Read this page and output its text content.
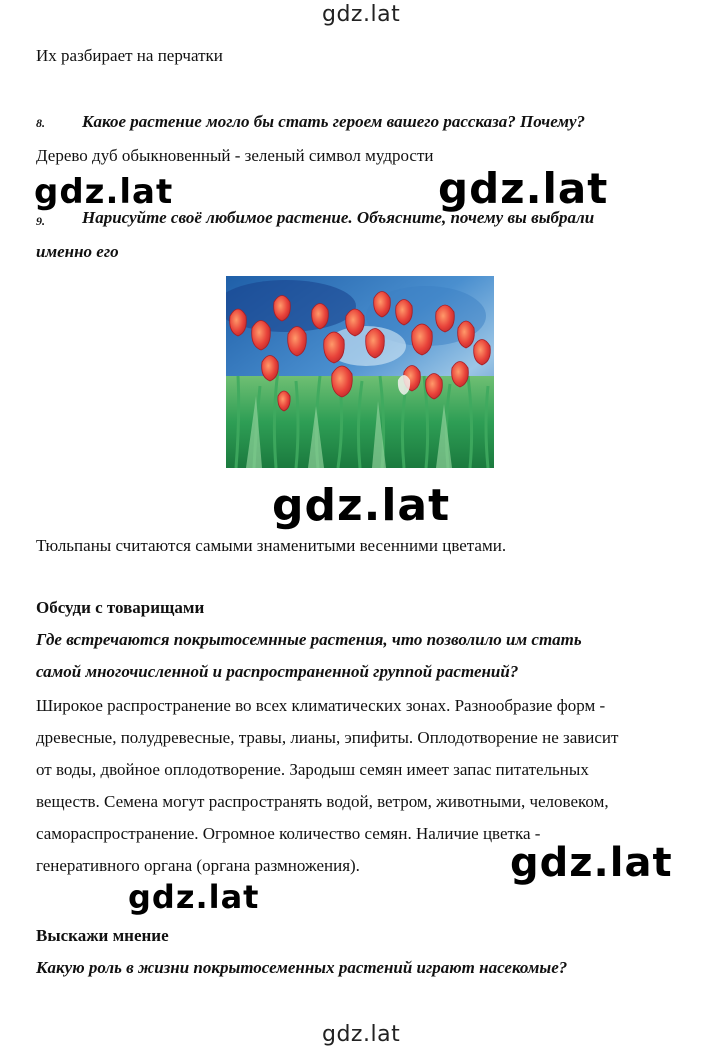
gdz.lat
Их разбирает на перчатки
8. Какое растение могло бы стать героем вашего рассказа? Почему?
Дерево дуб обыкновенный - зеленый символ мудрости
gdz.lat	gdz.lat
9. Нарисуйте своё любимое растение. Объясните, почему вы выбрали
именно его
gdz.lat
Тюльпаны считаются самыми знаменитыми весенними цветами.
Обсуди с товарищами
Где встречаются покрытосемнные растения, что позволило им стать
самой многочисленной и распространенной группой растений?
Широкое распространение во всех климатических зонах. Разнообразие форм -
древесные, полудревесные, травы, лианы, эпифиты. Оплодотворение не зависит
от воды, двойное оплодотворение. Зародыш семян имеет запас питательных
веществ. Семена могут распространять водой, ветром, животными, человеком,
самораспространение. Огромное количество семян. Наличие цветка -
генеративного органа (органа размножения).	gdz.lat
gdz.lat
Выскажи мнение
Какую роль в жизни покрытосеменных растений играют насекомые?
gdz.lat
